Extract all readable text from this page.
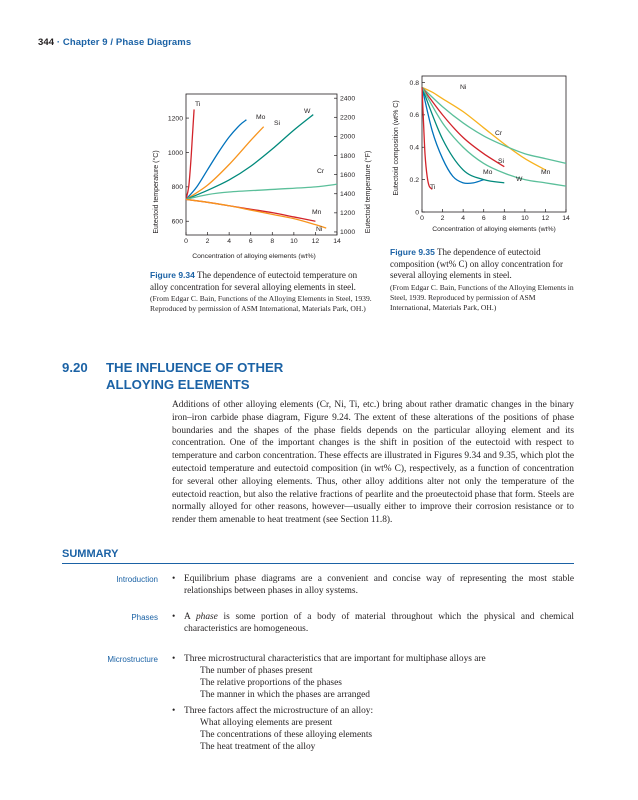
344 · Chapter 9 / Phase Diagrams
0	2	4	6	8 10 12 14
600
800
1000
1200
1000
1200
1400
1600
1800
2000
2200
2400
Ti
Mo
Si
W
Cr
Mn
Ni
Eutectoid temperature (°C)	Eutectoid temperature (°F)
Concentration of alloying elements (wt%)
0 2 4 6 8 10 12 14
0
0.2
0.4
0.6
0.8
Ni
Cr
Si
Mo
W
Mn
Ti
Eutectoid composition (wt% C)
Concentration of alloying elements (wt%)
Figure 9.34 The dependence of eutectoid temperature on alloy concentration for several alloying elements in steel.
(From Edgar C. Bain, Functions of the Alloying Elements in Steel, 1939. Reproduced by permission of ASM International, Materials Park, OH.)
Figure 9.35 The dependence of eutectoid composition (wt% C) on alloy concentration for several alloying elements in steel.
(From Edgar C. Bain, Functions of the Alloying Elements in Steel, 1939. Reproduced by permission of ASM International, Materials Park, OH.)
9.20 THE INFLUENCE OF OTHER
ALLOYING ELEMENTS
Additions of other alloying elements (Cr, Ni, Ti, etc.) bring about rather dramatic changes in the binary iron–iron carbide phase diagram, Figure 9.24. The extent of these alterations of the positions of phase boundaries and the shapes of the phase fields depends on the particular alloying element and its concentration. One of the important changes is the shift in position of the eutectoid with respect to temperature and carbon concentration. These effects are illustrated in Figures 9.34 and 9.35, which plot the eutectoid temperature and eutectoid composition (in wt% C), respectively, as a function of concentration for several other alloying elements. Thus, other alloy additions alter not only the temperature of the eutectoid reaction, but also the relative fractions of pearlite and the proeutectoid phase that form. Steels are normally alloyed for other reasons, however—usually either to improve their corrosion resistance or to render them amenable to heat treatment (see Section 11.8).
SUMMARY
Introduction • Equilibrium phase diagrams are a convenient and concise way of representing the most stable relationships between phases in alloy systems.
Phases • A phase is some portion of a body of material throughout which the physical and chemical characteristics are homogeneous.
Microstructure • Three microstructural characteristics that are important for multiphase alloys are
The number of phases present
The relative proportions of the phases
The manner in which the phases are arranged
• Three factors affect the microstructure of an alloy:
What alloying elements are present
The concentrations of these alloying elements
The heat treatment of the alloy
